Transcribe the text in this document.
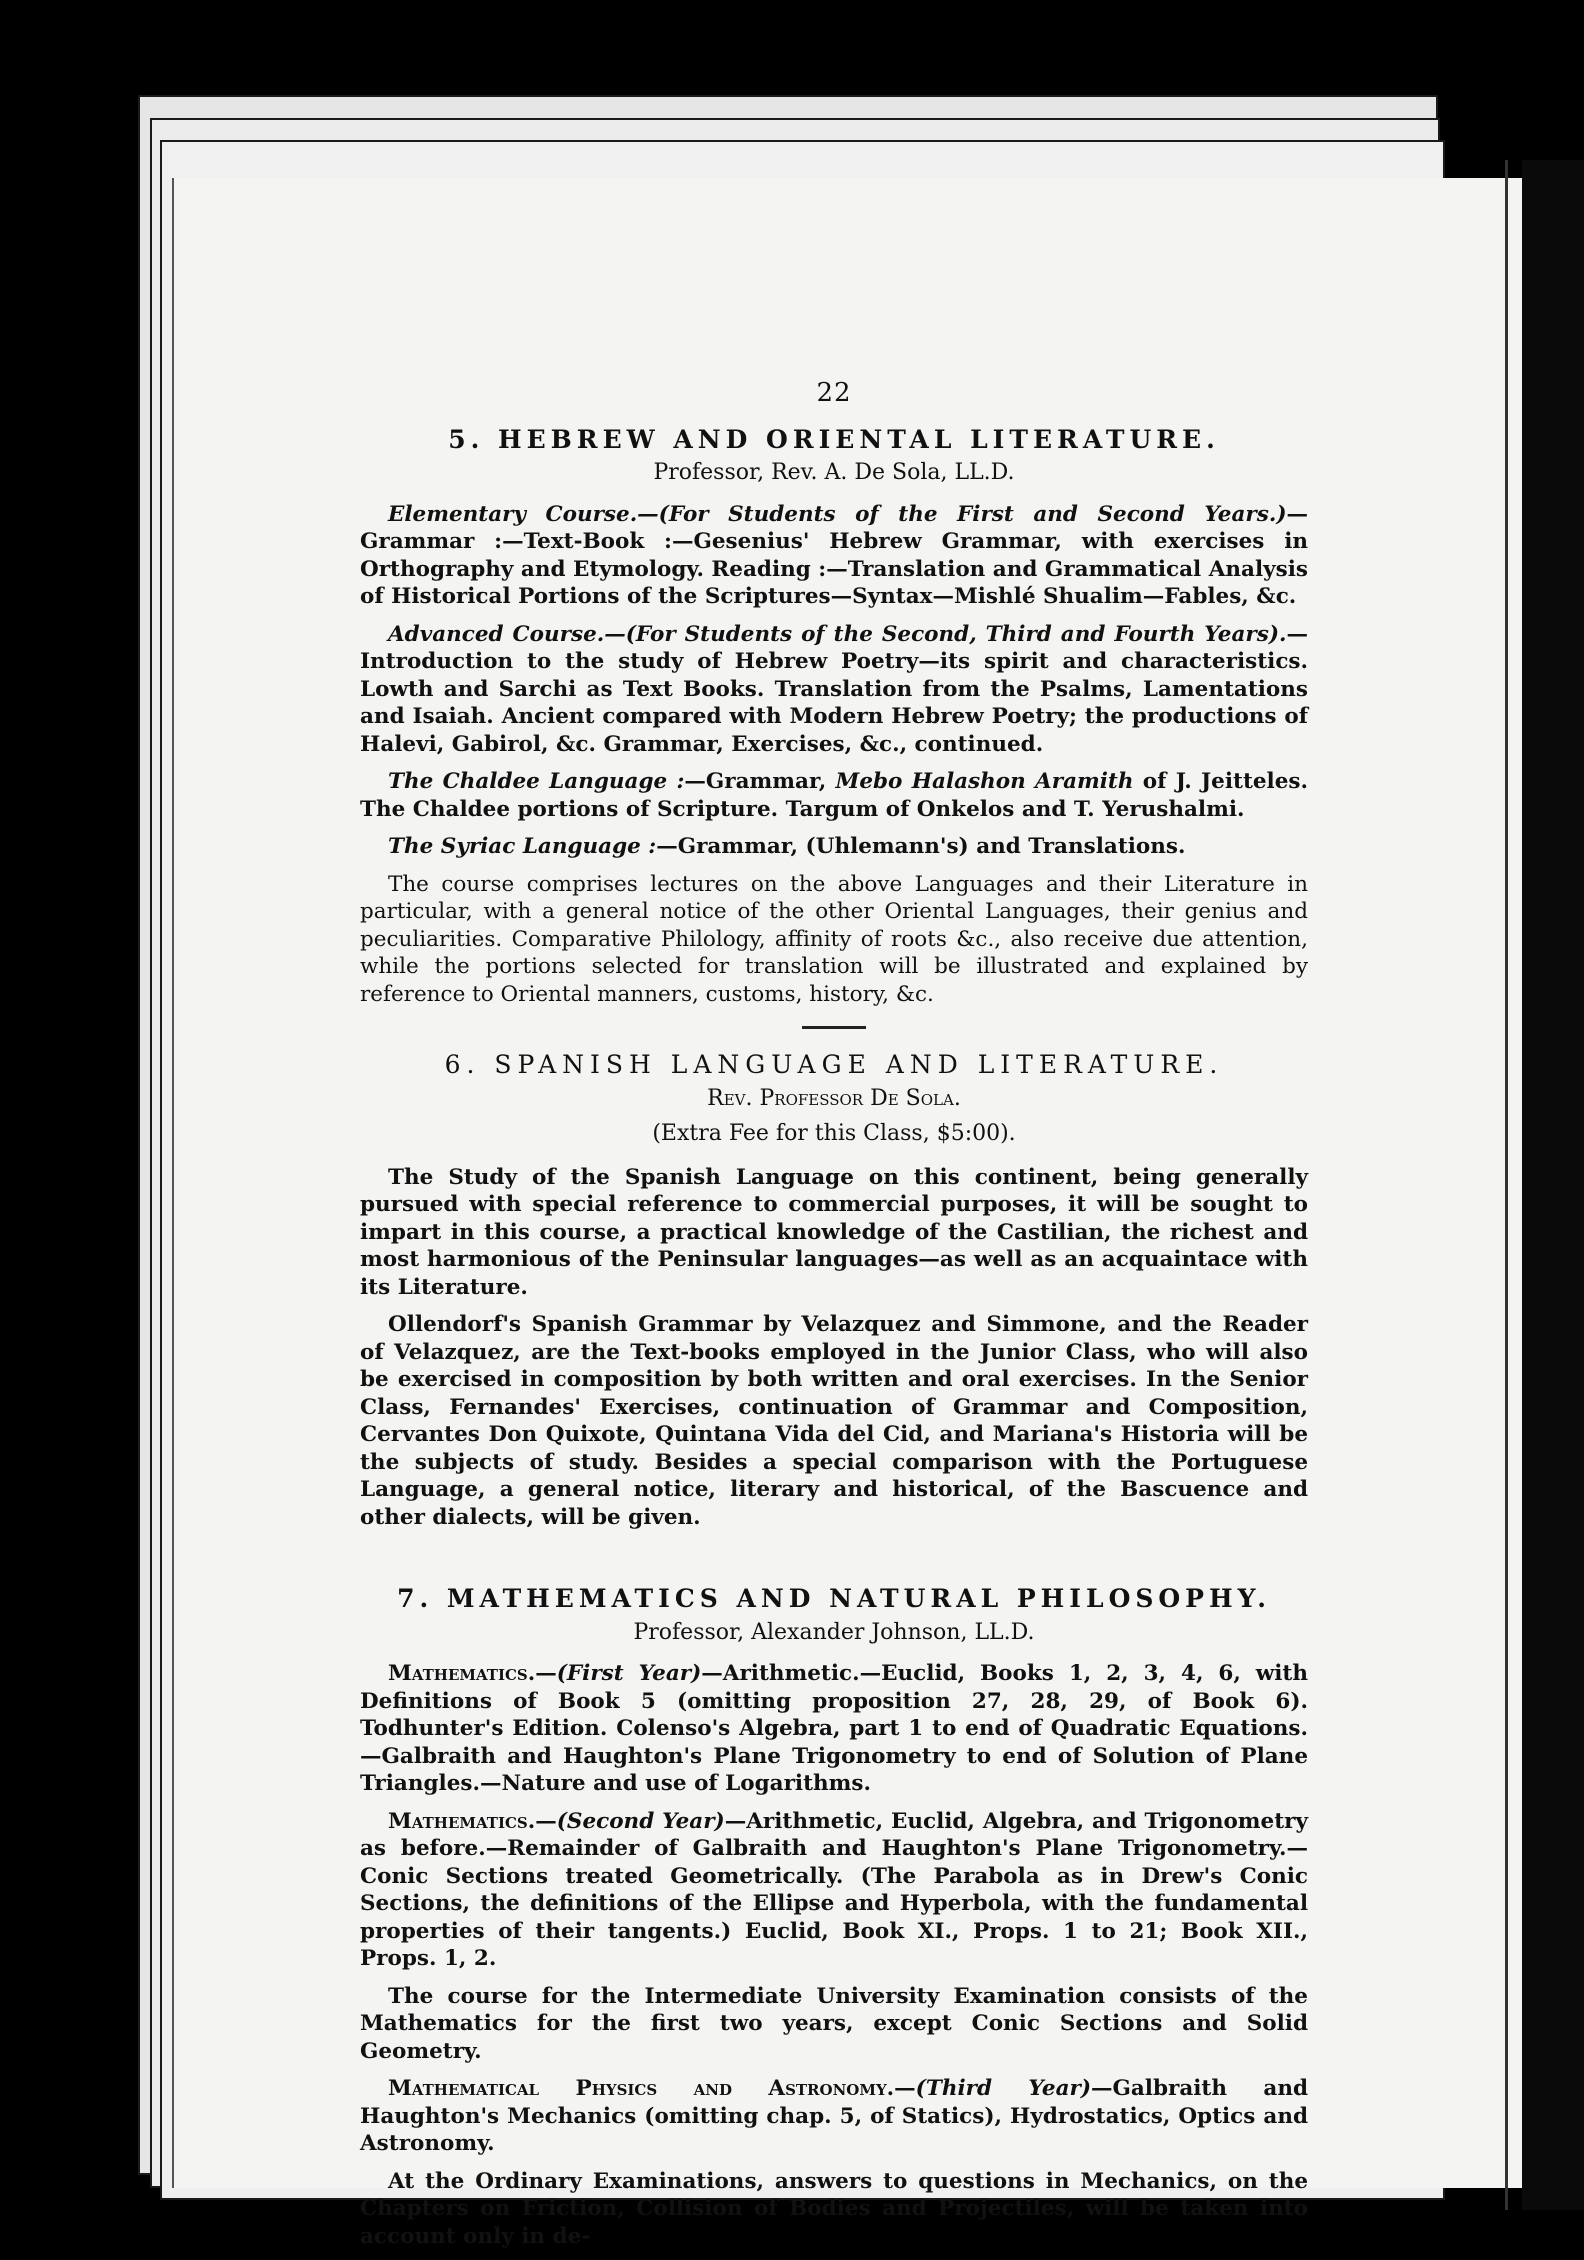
22
5. HEBREW AND ORIENTAL LITERATURE.
Professor, Rev. A. De Sola, LL.D.

Elementary Course.—(For Students of the First and Second Years.)—Grammar :—Text-Book :—Gesenius' Hebrew Grammar, with exercises in Orthography and Etymology. Reading :—Translation and Grammatical Analysis of Historical Portions of the Scriptures—Syntax—Mishlé Shualim—Fables, &c.

Advanced Course.—(For Students of the Second, Third and Fourth Years).—Introduction to the study of Hebrew Poetry—its spirit and characteristics. Lowth and Sarchi as Text Books. Translation from the Psalms, Lamentations and Isaiah. Ancient compared with Modern Hebrew Poetry; the productions of Halevi, Gabirol, &c. Grammar, Exercises, &c., continued.

The Chaldee Language :—Grammar, Mebo Halashon Aramith of J. Jeitteles. The Chaldee portions of Scripture. Targum of Onkelos and T. Yerushalmi.

The Syriac Language :—Grammar, (Uhlemann's) and Translations.

The course comprises lectures on the above Languages and their Literature in particular, with a general notice of the other Oriental Languages, their genius and peculiarities. Comparative Philology, affinity of roots &c., also receive due attention, while the portions selected for translation will be illustrated and explained by reference to Oriental manners, customs, history, &c.

6. SPANISH LANGUAGE AND LITERATURE.
Rev. Professor De Sola.
(Extra Fee for this Class, $5:00).

The Study of the Spanish Language on this continent, being generally pursued with special reference to commercial purposes, it will be sought to impart in this course, a practical knowledge of the Castilian, the richest and most harmonious of the Peninsular languages—as well as an acquaintace with its Literature.

Ollendorf's Spanish Grammar by Velazquez and Simmone, and the Reader of Velazquez, are the Text-books employed in the Junior Class, who will also be exercised in composition by both written and oral exercises. In the Senior Class, Fernandes' Exercises, continuation of Grammar and Composition, Cervantes Don Quixote, Quintana Vida del Cid, and Mariana's Historia will be the subjects of study. Besides a special comparison with the Portuguese Language, a general notice, literary and historical, of the Bascuence and other dialects, will be given.

7. MATHEMATICS AND NATURAL PHILOSOPHY.
Professor, Alexander Johnson, LL.D.

Mathematics.—(First Year)—Arithmetic.—Euclid, Books 1, 2, 3, 4, 6, with Definitions of Book 5 (omitting proposition 27, 28, 29, of Book 6). Todhunter's Edition. Colenso's Algebra, part 1 to end of Quadratic Equations.—Galbraith and Haughton's Plane Trigonometry to end of Solution of Plane Triangles.—Nature and use of Logarithms.

Mathematics.—(Second Year)—Arithmetic, Euclid, Algebra, and Trigonometry as before.—Remainder of Galbraith and Haughton's Plane Trigonometry.—Conic Sections treated Geometrically. (The Parabola as in Drew's Conic Sections, the definitions of the Ellipse and Hyperbola, with the fundamental properties of their tangents.) Euclid, Book XI., Props. 1 to 21; Book XII., Props. 1, 2.

The course for the Intermediate University Examination consists of the Mathematics for the first two years, except Conic Sections and Solid Geometry.

Mathematical Physics and Astronomy.—(Third Year)—Galbraith and Haughton's Mechanics (omitting chap. 5, of Statics), Hydrostatics, Optics and Astronomy.

At the Ordinary Examinations, answers to questions in Mechanics, on the Chapters on Friction, Collision of Bodies and Projectiles, will be taken into account only in de-
